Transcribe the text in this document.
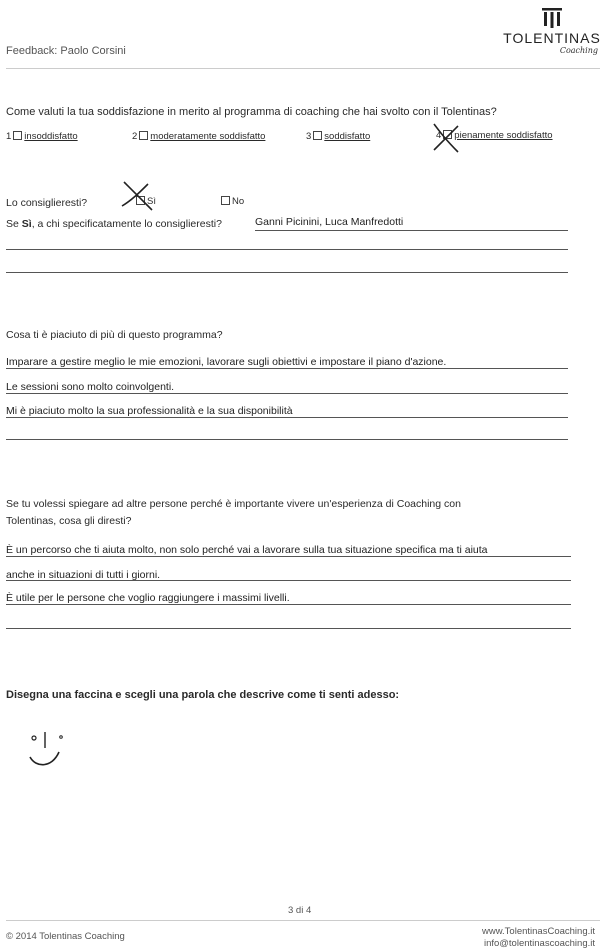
TOLENTINAS
Coaching
Feedback: Paolo Corsini
Come valuti la tua soddisfazione in merito al programma di coaching che hai svolto con il Tolentinas?
1 insoddisfatto	2 moderatamente soddisfatto	3 soddisfatto	4 pienamente soddisfatto
Lo consiglieresti?	Sì	No
Se Sì, a chi specificatamente lo consiglieresti?	Ganni Picinini, Luca Manfredotti
Cosa ti è piaciuto di più di questo programma?
Imparare a gestire meglio le mie emozioni, lavorare sugli obiettivi e impostare il piano d'azione.
Le sessioni sono molto coinvolgenti.
Mi è piaciuto molto la sua professionalità e la sua disponibilità
Se tu volessi spiegare ad altre persone perché è importante vivere un'esperienza di Coaching con
Tolentinas, cosa gli diresti?
È un percorso che ti aiuta molto, non solo perché vai a lavorare sulla tua situazione specifica ma ti aiuta
anche in situazioni di tutti i giorni.
È utile per le persone che voglio raggiungere i massimi livelli.
Disegna una faccina e scegli una parola che descrive come ti senti adesso:
3 di 4
© 2014 Tolentinas Coaching	www.TolentinasCoaching.it
info@tolentinascoaching.it
